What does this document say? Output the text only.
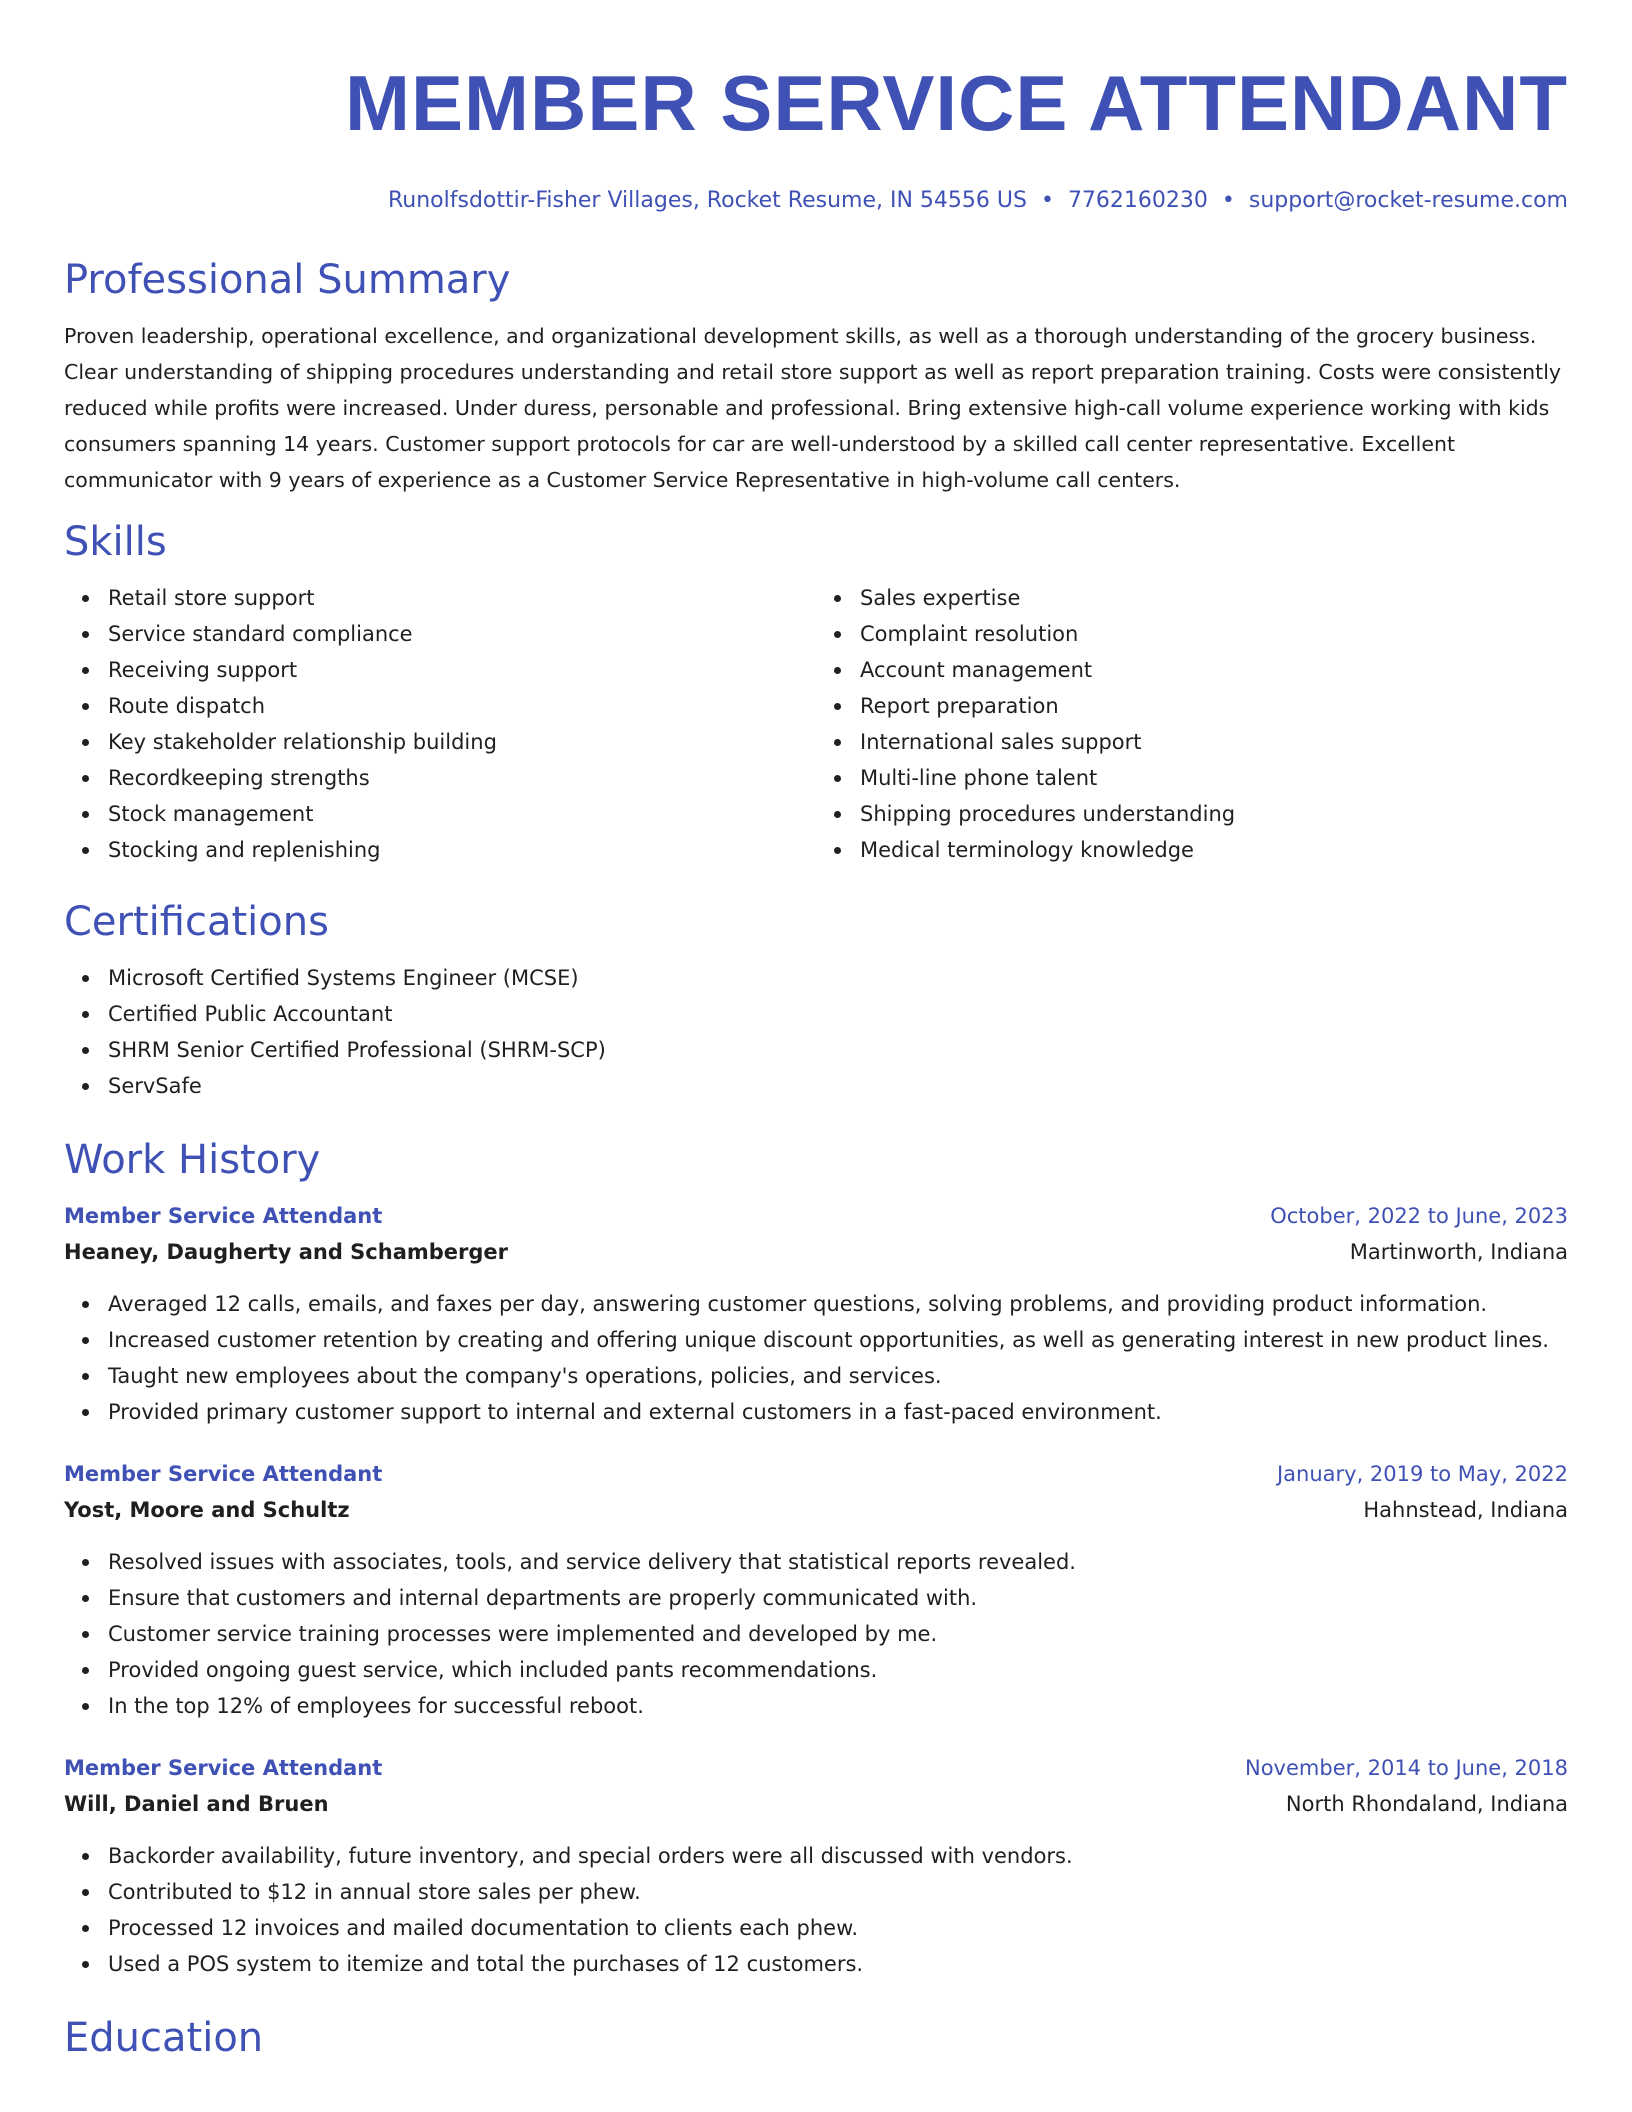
MEMBER SERVICE ATTENDANT
Runolfsdottir-Fisher Villages, Rocket Resume, IN 54556 US • 7762160230 • support@rocket-resume.com
Professional Summary
Proven leadership, operational excellence, and organizational development skills, as well as a thorough understanding of the grocery business. Clear understanding of shipping procedures understanding and retail store support as well as report preparation training. Costs were consistently reduced while profits were increased. Under duress, personable and professional. Bring extensive high-call volume experience working with kids consumers spanning 14 years. Customer support protocols for car are well-understood by a skilled call center representative. Excellent communicator with 9 years of experience as a Customer Service Representative in high-volume call centers.
Skills
Retail store support
Service standard compliance
Receiving support
Route dispatch
Key stakeholder relationship building
Recordkeeping strengths
Stock management
Stocking and replenishing
Sales expertise
Complaint resolution
Account management
Report preparation
International sales support
Multi-line phone talent
Shipping procedures understanding
Medical terminology knowledge
Certifications
Microsoft Certified Systems Engineer (MCSE)
Certified Public Accountant
SHRM Senior Certified Professional (SHRM-SCP)
ServSafe
Work History
Member Service Attendant	October, 2022 to June, 2023
Heaney, Daugherty and Schamberger	Martinworth, Indiana
Averaged 12 calls, emails, and faxes per day, answering customer questions, solving problems, and providing product information.
Increased customer retention by creating and offering unique discount opportunities, as well as generating interest in new product lines.
Taught new employees about the company's operations, policies, and services.
Provided primary customer support to internal and external customers in a fast-paced environment.
Member Service Attendant	January, 2019 to May, 2022
Yost, Moore and Schultz	Hahnstead, Indiana
Resolved issues with associates, tools, and service delivery that statistical reports revealed.
Ensure that customers and internal departments are properly communicated with.
Customer service training processes were implemented and developed by me.
Provided ongoing guest service, which included pants recommendations.
In the top 12% of employees for successful reboot.
Member Service Attendant	November, 2014 to June, 2018
Will, Daniel and Bruen	North Rhondaland, Indiana
Backorder availability, future inventory, and special orders were all discussed with vendors.
Contributed to $12 in annual store sales per phew.
Processed 12 invoices and mailed documentation to clients each phew.
Used a POS system to itemize and total the purchases of 12 customers.
Education
